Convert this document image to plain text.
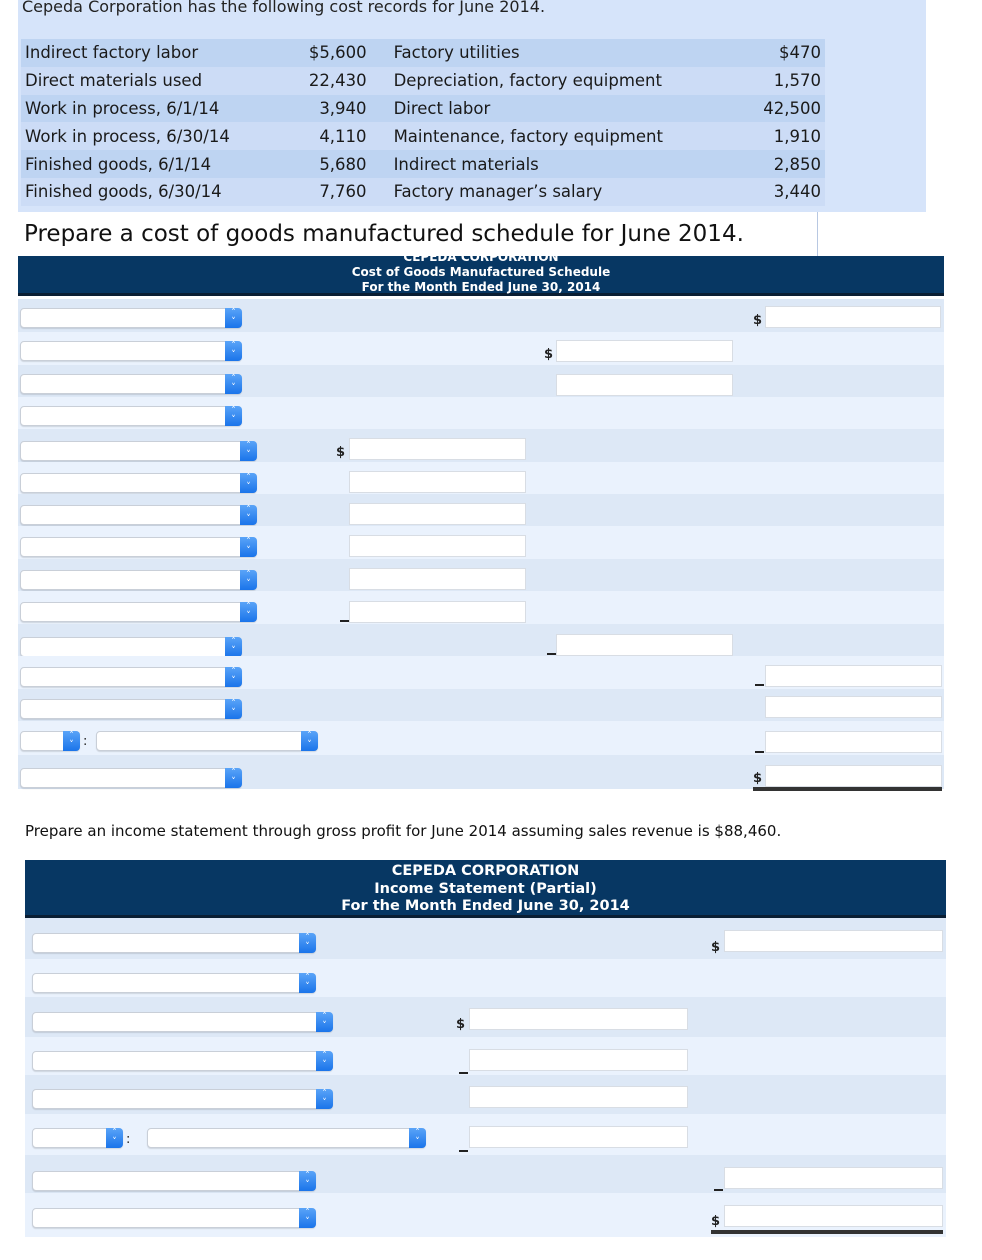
Cepeda Corporation has the following cost records for June 2014.
Indirect factory labor	$5,600	Factory utilities	$470
Direct materials used	22,430	Depreciation, factory equipment	1,570
Work in process, 6/1/14	3,940	Direct labor	42,500
Work in process, 6/30/14	4,110	Maintenance, factory equipment	1,910
Finished goods, 6/1/14	5,680	Indirect materials	2,850
Finished goods, 6/30/14	7,760	Factory manager’s salary	3,440
Prepare a cost of goods manufactured schedule for June 2014.
CEPEDA CORPORATION
Cost of Goods Manufactured Schedule
For the Month Ended June 30, 2014
˄
˅	$
˄
˅	$
˄
˅
˄
˅
˄
˅	$
˄
˅
˄
˅
˄
˅
˄
˅
˄
˅
˄
˅
˄
˅
˄
˅
˄
˅ :	˄
˅
˄
˅	$
Prepare an income statement through gross profit for June 2014 assuming sales revenue is $88,460.
CEPEDA CORPORATION
Income Statement (Partial)
For the Month Ended June 30, 2014
˄
˅	$
˄
˅
˄
˅	$
˄
˅
˄
˅
˄
˅ :	˄
˅
˄
˅
˄
˅	$
